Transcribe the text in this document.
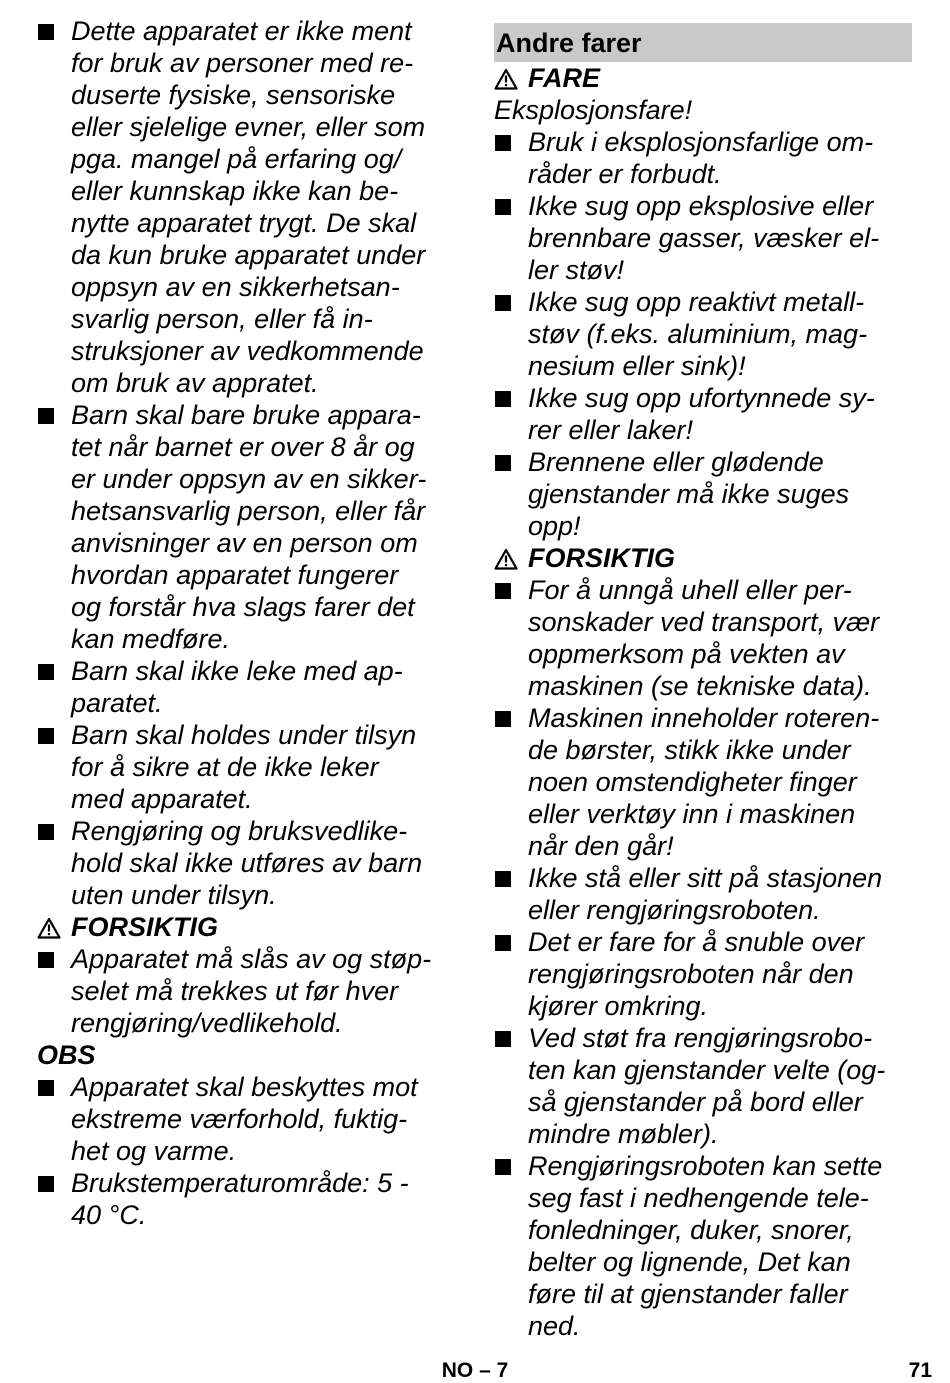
Dette apparatet er ikke ment
for bruk av personer med re-
duserte fysiske, sensoriske
eller sjelelige evner, eller som
pga. mangel på erfaring og/
eller kunnskap ikke kan be-
nytte apparatet trygt. De skal
da kun bruke apparatet under
oppsyn av en sikkerhetsan-
svarlig person, eller få in-
struksjoner av vedkommende
om bruk av appratet.
Barn skal bare bruke appara-
tet når barnet er over 8 år og
er under oppsyn av en sikker-
hetsansvarlig person, eller får
anvisninger av en person om
hvordan apparatet fungerer
og forstår hva slags farer det
kan medføre.
Barn skal ikke leke med ap-
paratet.
Barn skal holdes under tilsyn
for å sikre at de ikke leker
med apparatet.
Rengjøring og bruksvedlike-
hold skal ikke utføres av barn
uten under tilsyn.
FORSIKTIG
Apparatet må slås av og støp-
selet må trekkes ut før hver
rengjøring/vedlikehold.
OBS
Apparatet skal beskyttes mot
ekstreme værforhold, fuktig-
het og varme.
Brukstemperaturområde: 5 -
40 °C.
Andre farer
FARE
Eksplosjonsfare!
Bruk i eksplosjonsfarlige om-
råder er forbudt.
Ikke sug opp eksplosive eller
brennbare gasser, væsker el-
ler støv!
Ikke sug opp reaktivt metall-
støv (f.eks. aluminium, mag-
nesium eller sink)!
Ikke sug opp ufortynnede sy-
rer eller laker!
Brennene eller glødende
gjenstander må ikke suges
opp!
FORSIKTIG
For å unngå uhell eller per-
sonskader ved transport, vær
oppmerksom på vekten av
maskinen (se tekniske data).
Maskinen inneholder roteren-
de børster, stikk ikke under
noen omstendigheter finger
eller verktøy inn i maskinen
når den går!
Ikke stå eller sitt på stasjonen
eller rengjøringsroboten.
Det er fare for å snuble over
rengjøringsroboten når den
kjører omkring.
Ved støt fra rengjøringsrobo-
ten kan gjenstander velte (og-
så gjenstander på bord eller
mindre møbler).
Rengjøringsroboten kan sette
seg fast i nedhengende tele-
fonledninger, duker, snorer,
belter og lignende, Det kan
føre til at gjenstander faller
ned.
NO – 7	71
